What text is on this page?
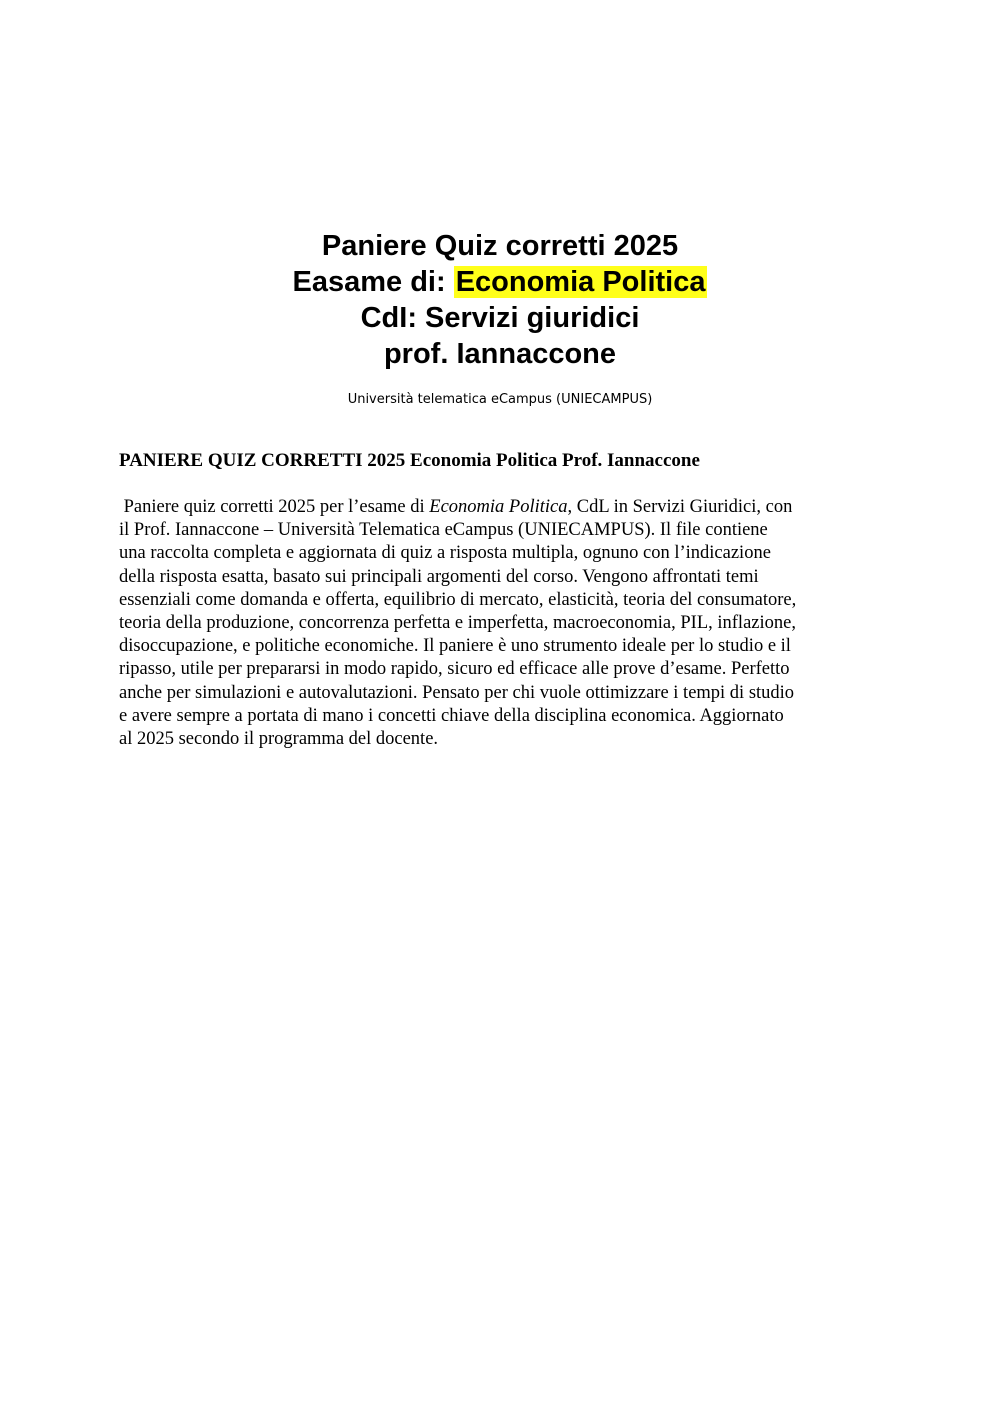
Paniere Quiz corretti 2025
Easame di: Economia Politica
CdI: Servizi giuridici
prof. Iannaccone
Università telematica eCampus (UNIECAMPUS)
PANIERE QUIZ CORRETTI 2025 Economia Politica Prof. Iannaccone
Paniere quiz corretti 2025 per l’esame di Economia Politica, CdL in Servizi Giuridici, con
il Prof. Iannaccone – Università Telematica eCampus (UNIECAMPUS). Il file contiene
una raccolta completa e aggiornata di quiz a risposta multipla, ognuno con l’indicazione
della risposta esatta, basato sui principali argomenti del corso. Vengono affrontati temi
essenziali come domanda e offerta, equilibrio di mercato, elasticità, teoria del consumatore,
teoria della produzione, concorrenza perfetta e imperfetta, macroeconomia, PIL, inflazione,
disoccupazione, e politiche economiche. Il paniere è uno strumento ideale per lo studio e il
ripasso, utile per prepararsi in modo rapido, sicuro ed efficace alle prove d’esame. Perfetto
anche per simulazioni e autovalutazioni. Pensato per chi vuole ottimizzare i tempi di studio
e avere sempre a portata di mano i concetti chiave della disciplina economica. Aggiornato
al 2025 secondo il programma del docente.
